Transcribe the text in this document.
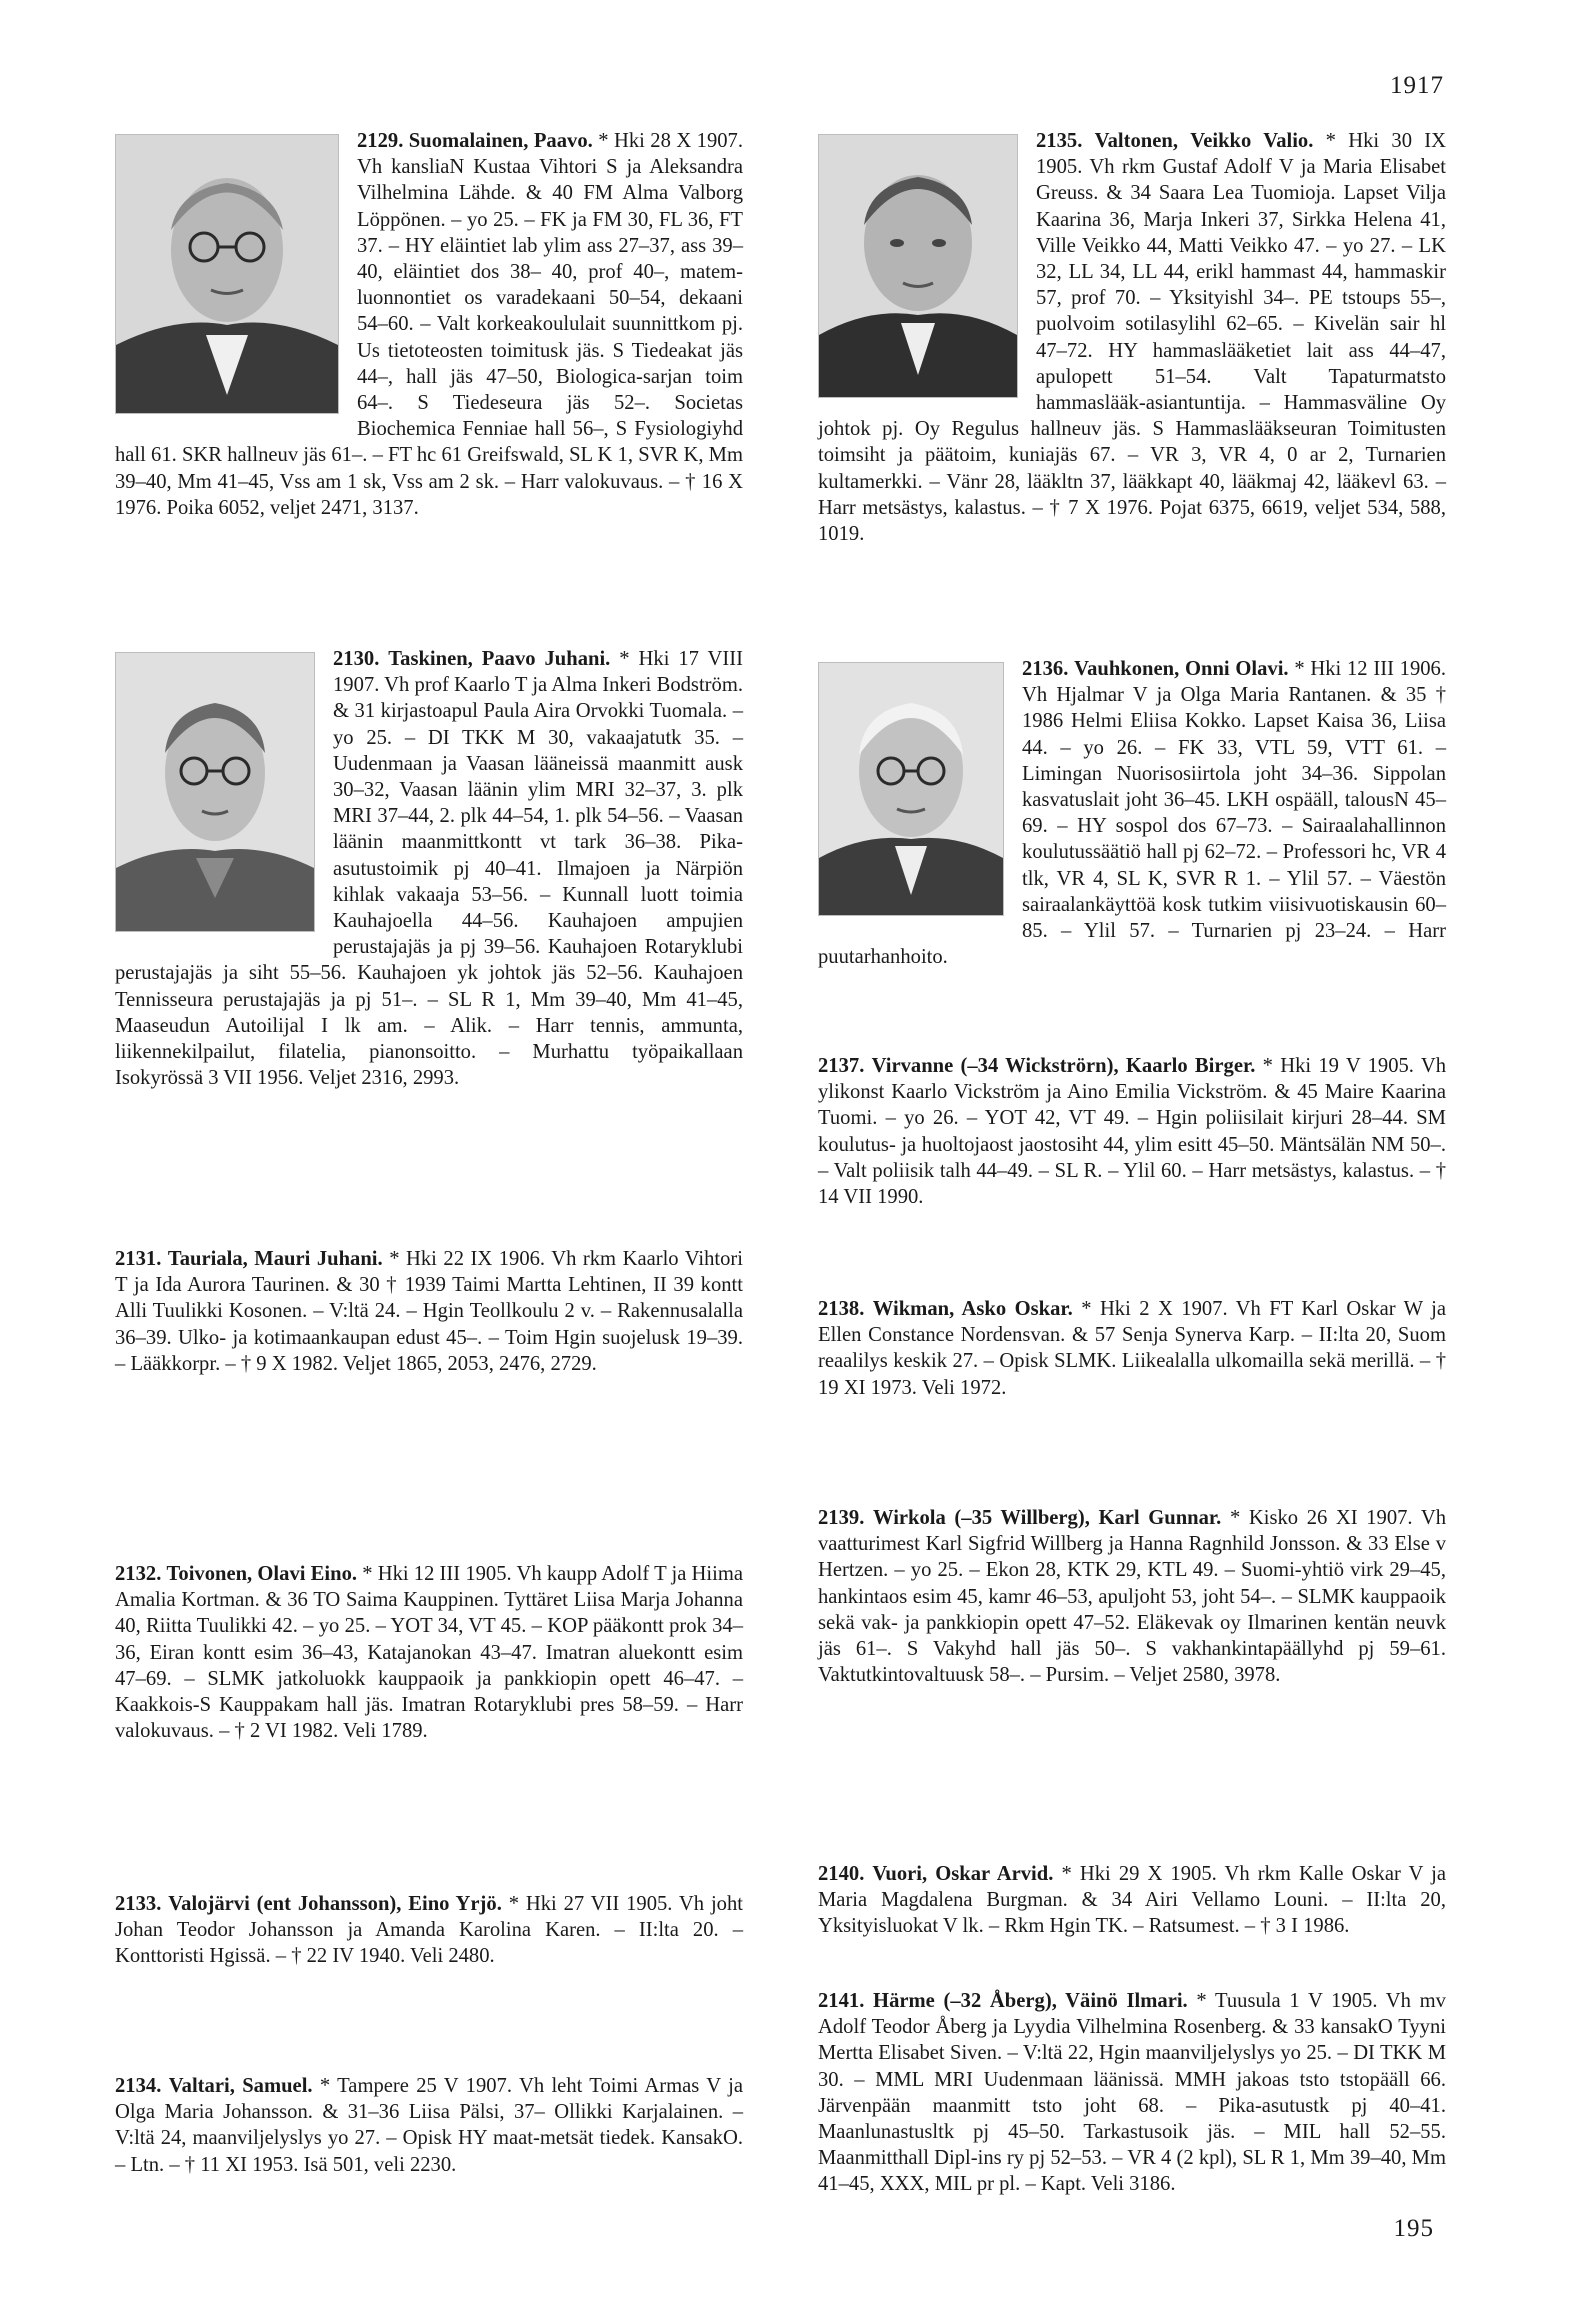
1917
2129. Suomalainen, Paavo. * Hki 28 X 1907. Vh kansliaN Kustaa Vihtori S ja Aleksandra Vilhelmina Lähde. & 40 FM Alma Valborg Löppönen. – yo 25. – FK ja FM 30, FL 36, FT 37. – HY eläintiet lab ylim ass 27–37, ass 39–40, eläintiet dos 38– 40, prof 40–, matem-luonnontiet os varadekaani 50–54, dekaani 54–60. – Valt korkeakoululait suunnittkom pj. Us tietoteosten toimitusk jäs. S Tiedeakat jäs 44–, hall jäs 47–50, Biologica-sarjan toim 64–. S Tiedeseura jäs 52–. Societas Biochemica Fenniae hall 56–, S Fysiologiyhd hall 61. SKR hallneuv jäs 61–. – FT hc 61 Greifswald, SL K 1, SVR K, Mm 39–40, Mm 41–45, Vss am 1 sk, Vss am 2 sk. – Harr valokuvaus. – † 16 X 1976. Poika 6052, veljet 2471, 3137.
2130. Taskinen, Paavo Juhani. * Hki 17 VIII 1907. Vh prof Kaarlo T ja Alma Inkeri Bodström. & 31 kirjastoapul Paula Aira Orvokki Tuomala. – yo 25. – DI TKK M 30, vakaajatutk 35. – Uudenmaan ja Vaasan lääneissä maanmitt ausk 30–32, Vaasan läänin ylim MRI 32–37, 3. plk MRI 37–44, 2. plk 44–54, 1. plk 54–56. – Vaasan läänin maanmittkontt vt tark 36–38. Pika-asutustoimik pj 40–41. Ilmajoen ja Närpiön kihlak vakaaja 53–56. – Kunnall luott toimia Kauhajoella 44–56. Kauhajoen ampujien perustajajäs ja pj 39–56. Kauhajoen Rotaryklubi perustajajäs ja siht 55–56. Kauhajoen yk johtok jäs 52–56. Kauhajoen Tennisseura perustajajäs ja pj 51–. – SL R 1, Mm 39–40, Mm 41–45, Maaseudun Autoilijal I lk am. – Alik. – Harr tennis, ammunta, liikennekilpailut, filatelia, pianonsoitto. – Murhattu työpaikallaan Isokyrössä 3 VII 1956. Veljet 2316, 2993.
2131. Tauriala, Mauri Juhani. * Hki 22 IX 1906. Vh rkm Kaarlo Vihtori T ja Ida Aurora Taurinen. & 30 † 1939 Taimi Martta Lehtinen, II 39 kontt Alli Tuulikki Kosonen. – V:ltä 24. – Hgin Teollkoulu 2 v. – Rakennusalalla 36–39. Ulko- ja kotimaankaupan edust 45–. – Toim Hgin suojelusk 19–39. – Lääkkorpr. – † 9 X 1982. Veljet 1865, 2053, 2476, 2729.
2132. Toivonen, Olavi Eino. * Hki 12 III 1905. Vh kaupp Adolf T ja Hiima Amalia Kortman. & 36 TO Saima Kauppinen. Tyttäret Liisa Marja Johanna 40, Riitta Tuulikki 42. – yo 25. – YOT 34, VT 45. – KOP pääkontt prok 34–36, Eiran kontt esim 36–43, Katajanokan 43–47. Imatran aluekontt esim 47–69. – SLMK jatkoluokk kauppaoik ja pankkiopin opett 46–47. – Kaakkois-S Kauppakam hall jäs. Imatran Rotaryklubi pres 58–59. – Harr valokuvaus. – † 2 VI 1982. Veli 1789.
2133. Valojärvi (ent Johansson), Eino Yrjö. * Hki 27 VII 1905. Vh joht Johan Teodor Johansson ja Amanda Karolina Karen. – II:lta 20. – Konttoristi Hgissä. – † 22 IV 1940. Veli 2480.
2134. Valtari, Samuel. * Tampere 25 V 1907. Vh leht Toimi Armas V ja Olga Maria Johansson. & 31–36 Liisa Pälsi, 37– Ollikki Karjalainen. – V:ltä 24, maanviljelyslys yo 27. – Opisk HY maat-metsät tiedek. KansakO. – Ltn. – † 11 XI 1953. Isä 501, veli 2230.
2135. Valtonen, Veikko Valio. * Hki 30 IX 1905. Vh rkm Gustaf Adolf V ja Maria Elisabet Greuss. & 34 Saara Lea Tuomioja. Lapset Vilja Kaarina 36, Marja Inkeri 37, Sirkka Helena 41, Ville Veikko 44, Matti Veikko 47. – yo 27. – LK 32, LL 34, LL 44, erikl hammast 44, hammaskir 57, prof 70. – Yksityishl 34–. PE tstoups 55–, puolvoim sotilasylihl 62–65. – Kivelän sair hl 47–72. HY hammaslääketiet lait ass 44–47, apulopett 51–54. Valt Tapaturmatsto hammaslääk-asiantuntija. – Hammasväline Oy johtok pj. Oy Regulus hallneuv jäs. S Hammaslääkseuran Toimitusten toimsiht ja päätoim, kuniajäs 67. – VR 3, VR 4, 0 ar 2, Turnarien kultamerkki. – Vänr 28, lääkltn 37, lääkkapt 40, lääkmaj 42, lääkevl 63. – Harr metsästys, kalastus. – † 7 X 1976. Pojat 6375, 6619, veljet 534, 588, 1019.
2136. Vauhkonen, Onni Olavi. * Hki 12 III 1906. Vh Hjalmar V ja Olga Maria Rantanen. & 35 † 1986 Helmi Eliisa Kokko. Lapset Kaisa 36, Liisa 44. – yo 26. – FK 33, VTL 59, VTT 61. – Limingan Nuorisosiirtola joht 34–36. Sippolan kasvatuslait joht 36–45. LKH ospääll, talousN 45–69. – HY sospol dos 67–73. – Sairaalahallinnon koulutussäätiö hall pj 62–72. – Professori hc, VR 4 tlk, VR 4, SL K, SVR R 1. – Ylil 57. – Väestön sairaalankäyttöä kosk tutkim viisivuotiskausin 60–85. – Ylil 57. – Turnarien pj 23–24. – Harr puutarhanhoito.
2137. Virvanne (–34 Wickströrn), Kaarlo Birger. * Hki 19 V 1905. Vh ylikonst Kaarlo Vickström ja Aino Emilia Vickström. & 45 Maire Kaarina Tuomi. – yo 26. – YOT 42, VT 49. – Hgin poliisilait kirjuri 28–44. SM koulutus- ja huoltojaost jaostosiht 44, ylim esitt 45–50. Mäntsälän NM 50–. – Valt poliisik talh 44–49. – SL R. – Ylil 60. – Harr metsästys, kalastus. – † 14 VII 1990.
2138. Wikman, Asko Oskar. * Hki 2 X 1907. Vh FT Karl Oskar W ja Ellen Constance Nordensvan. & 57 Senja Synerva Karp. – II:lta 20, Suom reaalilys keskik 27. – Opisk SLMK. Liikealalla ulkomailla sekä merillä. – † 19 XI 1973. Veli 1972.
2139. Wirkola (–35 Willberg), Karl Gunnar. * Kisko 26 XI 1907. Vh vaatturimest Karl Sigfrid Willberg ja Hanna Ragnhild Jonsson. & 33 Else v Hertzen. – yo 25. – Ekon 28, KTK 29, KTL 49. – Suomi-yhtiö virk 29–45, hankintaos esim 45, kamr 46–53, apuljoht 53, joht 54–. – SLMK kauppaoik sekä vak- ja pankkiopin opett 47–52. Eläkevak oy Ilmarinen kentän neuvk jäs 61–. S Vakyhd hall jäs 50–. S vakhankintapäällyhd pj 59–61. Vaktutkintovaltuusk 58–. – Pursim. – Veljet 2580, 3978.
2140. Vuori, Oskar Arvid. * Hki 29 X 1905. Vh rkm Kalle Oskar V ja Maria Magdalena Burgman. & 34 Airi Vellamo Louni. – II:lta 20, Yksityisluokat V lk. – Rkm Hgin TK. – Ratsumest. – † 3 I 1986.
2141. Härme (–32 Åberg), Väinö Ilmari. * Tuusula 1 V 1905. Vh mv Adolf Teodor Åberg ja Lyydia Vilhelmina Rosenberg. & 33 kansakO Tyyni Mertta Elisabet Siven. – V:ltä 22, Hgin maanviljelyslys yo 25. – DI TKK M 30. – MML MRI Uudenmaan läänissä. MMH jakoas tsto tstopääll 66. Järvenpään maanmitt tsto joht 68. – Pika-asutustk pj 40–41. Maanlunastusltk pj 45–50. Tarkastusoik jäs. – MIL hall 52–55. Maanmitthall Dipl-ins ry pj 52–53. – VR 4 (2 kpl), SL R 1, Mm 39–40, Mm 41–45, XXX, MIL pr pl. – Kapt. Veli 3186.
195
